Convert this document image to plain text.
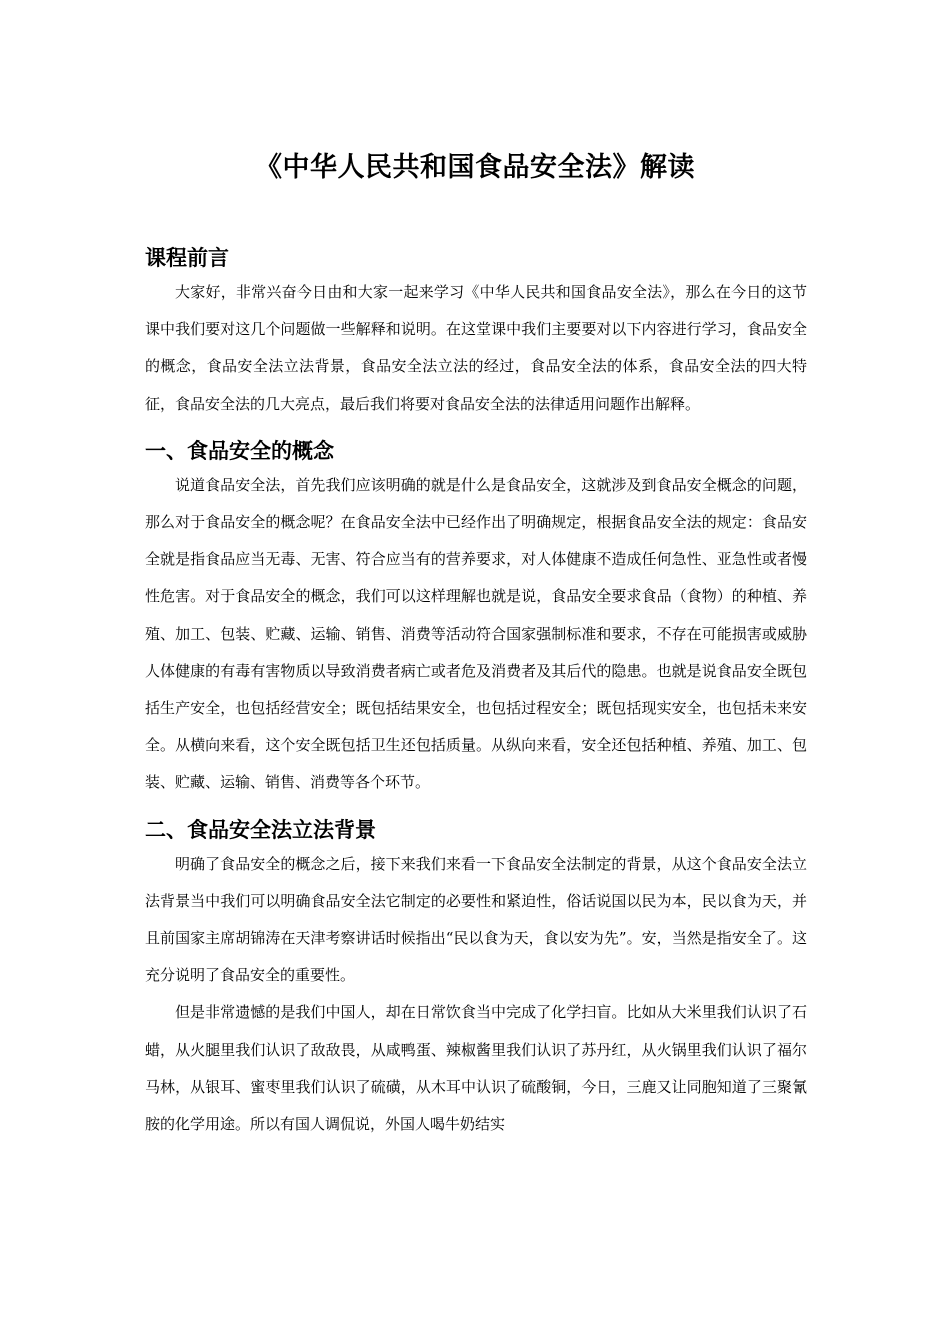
《中华人民共和国食品安全法》解读
课程前言

大家好，非常兴奋今日由和大家一起来学习《中华人民共和国食品安全法》，那么在今日的这节课中我们要对这几个问题做一些解释和说明。在这堂课中我们主要要对以下内容进行学习，食品安全的概念，食品安全法立法背景，食品安全法立法的经过，食品安全法的体系，食品安全法的四大特征，食品安全法的几大亮点，最后我们将要对食品安全法的法律适用问题作出解释。

一、食品安全的概念

说道食品安全法，首先我们应该明确的就是什么是食品安全，这就涉及到食品安全概念的问题，那么对于食品安全的概念呢？在食品安全法中已经作出了明确规定，根据食品安全法的规定：食品安全就是指食品应当无毒、无害、符合应当有的营养要求，对人体健康不造成任何急性、亚急性或者慢性危害。对于食品安全的概念，我们可以这样理解也就是说，食品安全要求食品（食物）的种植、养殖、加工、包装、贮藏、运输、销售、消费等活动符合国家强制标准和要求，不存在可能损害或威胁人体健康的有毒有害物质以导致消费者病亡或者危及消费者及其后代的隐患。也就是说食品安全既包括生产安全，也包括经营安全；既包括结果安全，也包括过程安全；既包括现实安全，也包括未来安全。从横向来看，这个安全既包括卫生还包括质量。从纵向来看，安全还包括种植、养殖、加工、包装、贮藏、运输、销售、消费等各个环节。

二、食品安全法立法背景

明确了食品安全的概念之后，接下来我们来看一下食品安全法制定的背景，从这个食品安全法立法背景当中我们可以明确食品安全法它制定的必要性和紧迫性，俗话说国以民为本，民以食为天，并且前国家主席胡锦涛在天津考察讲话时候指出“民以食为天，食以安为先”。安，当然是指安全了。这充分说明了食品安全的重要性。

但是非常遗憾的是我们中国人，却在日常饮食当中完成了化学扫盲。比如从大米里我们认识了石蜡，从火腿里我们认识了敌敌畏，从咸鸭蛋、辣椒酱里我们认识了苏丹红，从火锅里我们认识了福尔马林，从银耳、蜜枣里我们认识了硫磺，从木耳中认识了硫酸铜，今日，三鹿又让同胞知道了三聚氰胺的化学用途。所以有国人调侃说，外国人喝牛奶结实
